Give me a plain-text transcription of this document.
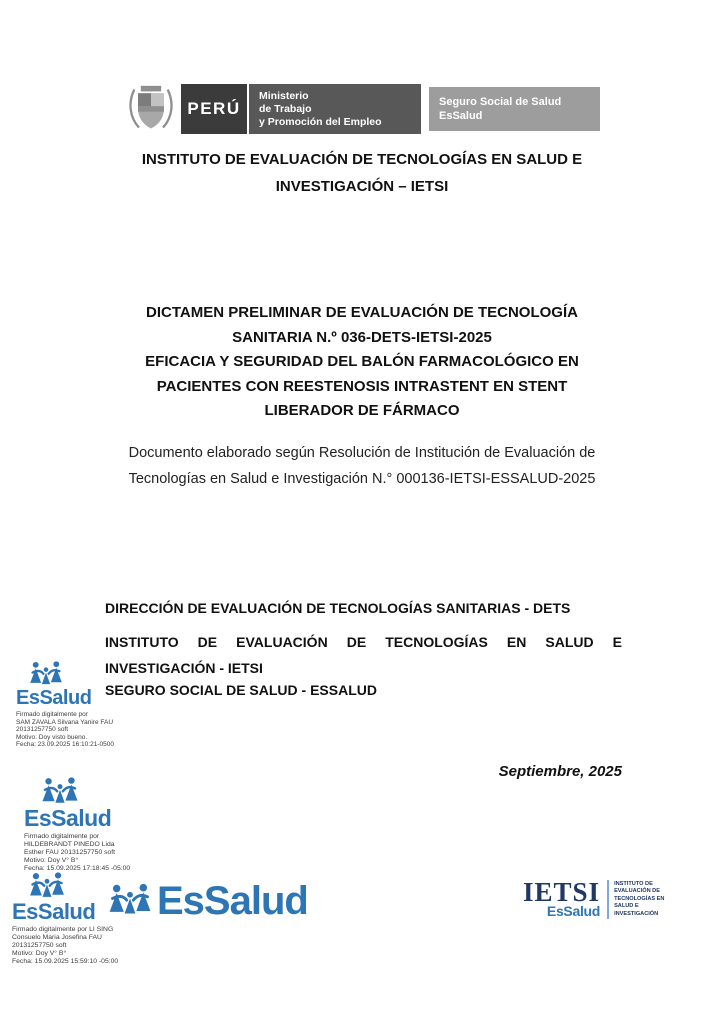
PERÚ
Ministerio
de Trabajo
y Promoción del Empleo
Seguro Social de Salud
EsSalud
INSTITUTO DE EVALUACIÓN DE TECNOLOGÍAS EN SALUD E INVESTIGACIÓN – IETSI
DICTAMEN PRELIMINAR DE EVALUACIÓN DE TECNOLOGÍA SANITARIA N.º 036-DETS-IETSI-2025
EFICACIA Y SEGURIDAD DEL BALÓN FARMACOLÓGICO EN PACIENTES CON REESTENOSIS INTRASTENT EN STENT LIBERADOR DE FÁRMACO
Documento elaborado según Resolución de Institución de Evaluación de Tecnologías en Salud e Investigación N.° 000136-IETSI-ESSALUD-2025
DIRECCIÓN DE EVALUACIÓN DE TECNOLOGÍAS SANITARIAS - DETS
INSTITUTO DE EVALUACIÓN DE TECNOLOGÍAS EN SALUD E INVESTIGACIÓN - IETSI
SEGURO SOCIAL DE SALUD - ESSALUD
Septiembre, 2025
EsSalud
Firmado digitalmente por
SAM ZAVALA Silvana Yanire FAU
20131257750 soft
Motivo: Doy visto bueno.
Fecha: 23.09.2025 16:10:21-0500
EsSalud
Firmado digitalmente por
HILDEBRANDT PINEDO Lida
Esther FAU 20131257750 soft
Motivo: Doy V° B°
Fecha: 15.09.2025 17:18:45 -05:00
EsSalud
Firmado digitalmente por LI SING
Consuelo Maria Josefina FAU
20131257750 soft
Motivo: Doy V° B°
Fecha: 15.09.2025 15:59:10 -05:00
EsSalud	IETSI
EsSalud
INSTITUTO DE
EVALUACIÓN DE
TECNOLOGÍAS EN
SALUD E
INVESTIGACIÓN
